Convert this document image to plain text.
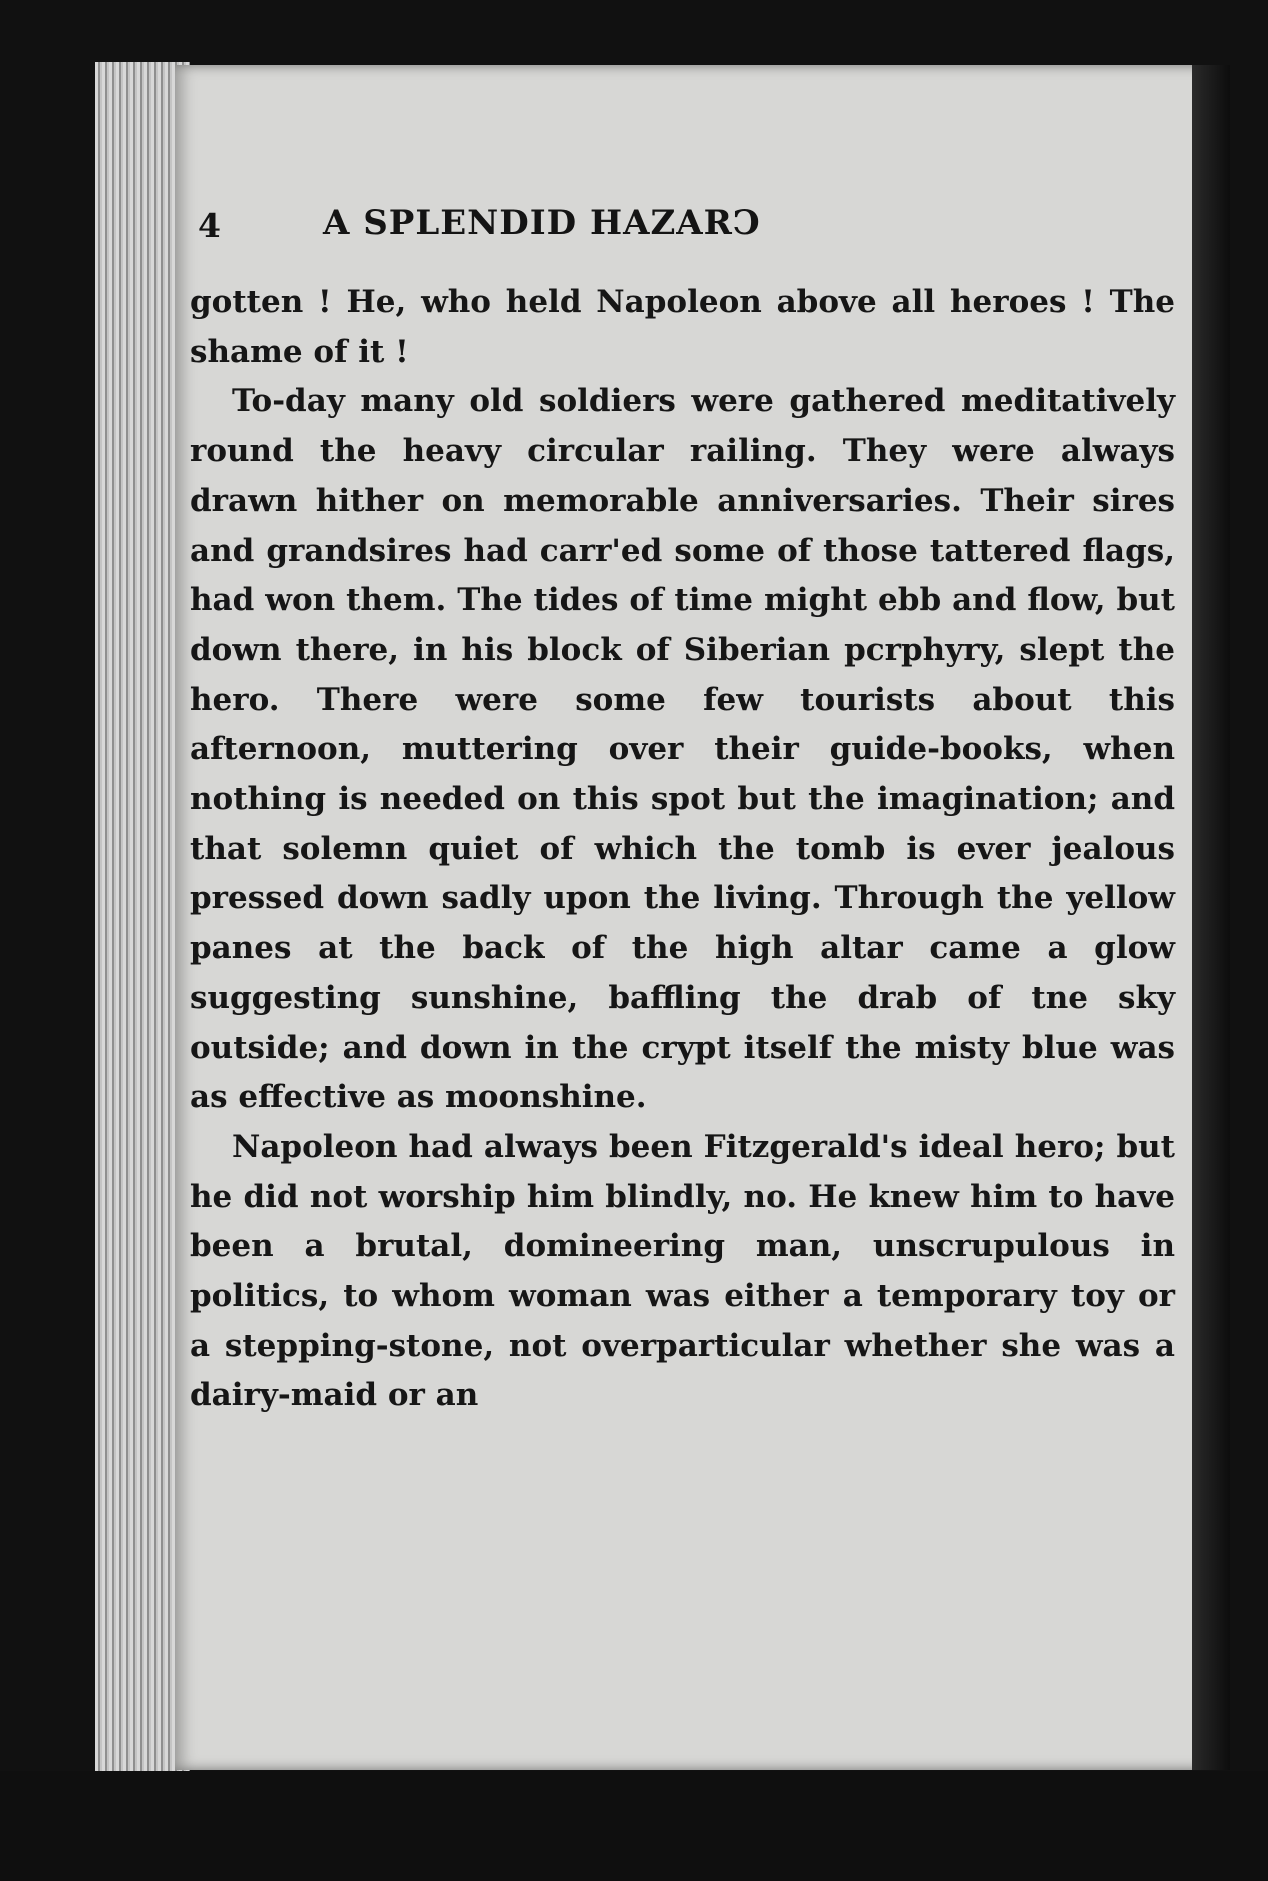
4	A SPLENDID HAZARↃ

gotten ! He, who held Napoleon above all heroes ! The shame of it !

To-day many old soldiers were gathered meditatively round the heavy circular railing. They were always drawn hither on memorable anniversaries. Their sires and grandsires had carr'ed some of those tattered flags, had won them. The tides of time might ebb and flow, but down there, in his block of Siberian pcrphyry, slept the hero. There were some few tourists about this afternoon, muttering over their guide-books, when nothing is needed on this spot but the imagination; and that solemn quiet of which the tomb is ever jealous pressed down sadly upon the living. Through the yellow panes at the back of the high altar came a glow suggesting sunshine, baffling the drab of tne sky outside; and down in the crypt itself the misty blue was as effective as moonshine.

Napoleon had always been Fitzgerald's ideal hero; but he did not worship him blindly, no. He knew him to have been a brutal, domineering man, unscrupulous in politics, to whom woman was either a temporary toy or a stepping-stone, not overparticular whether she was a dairy-maid or an
